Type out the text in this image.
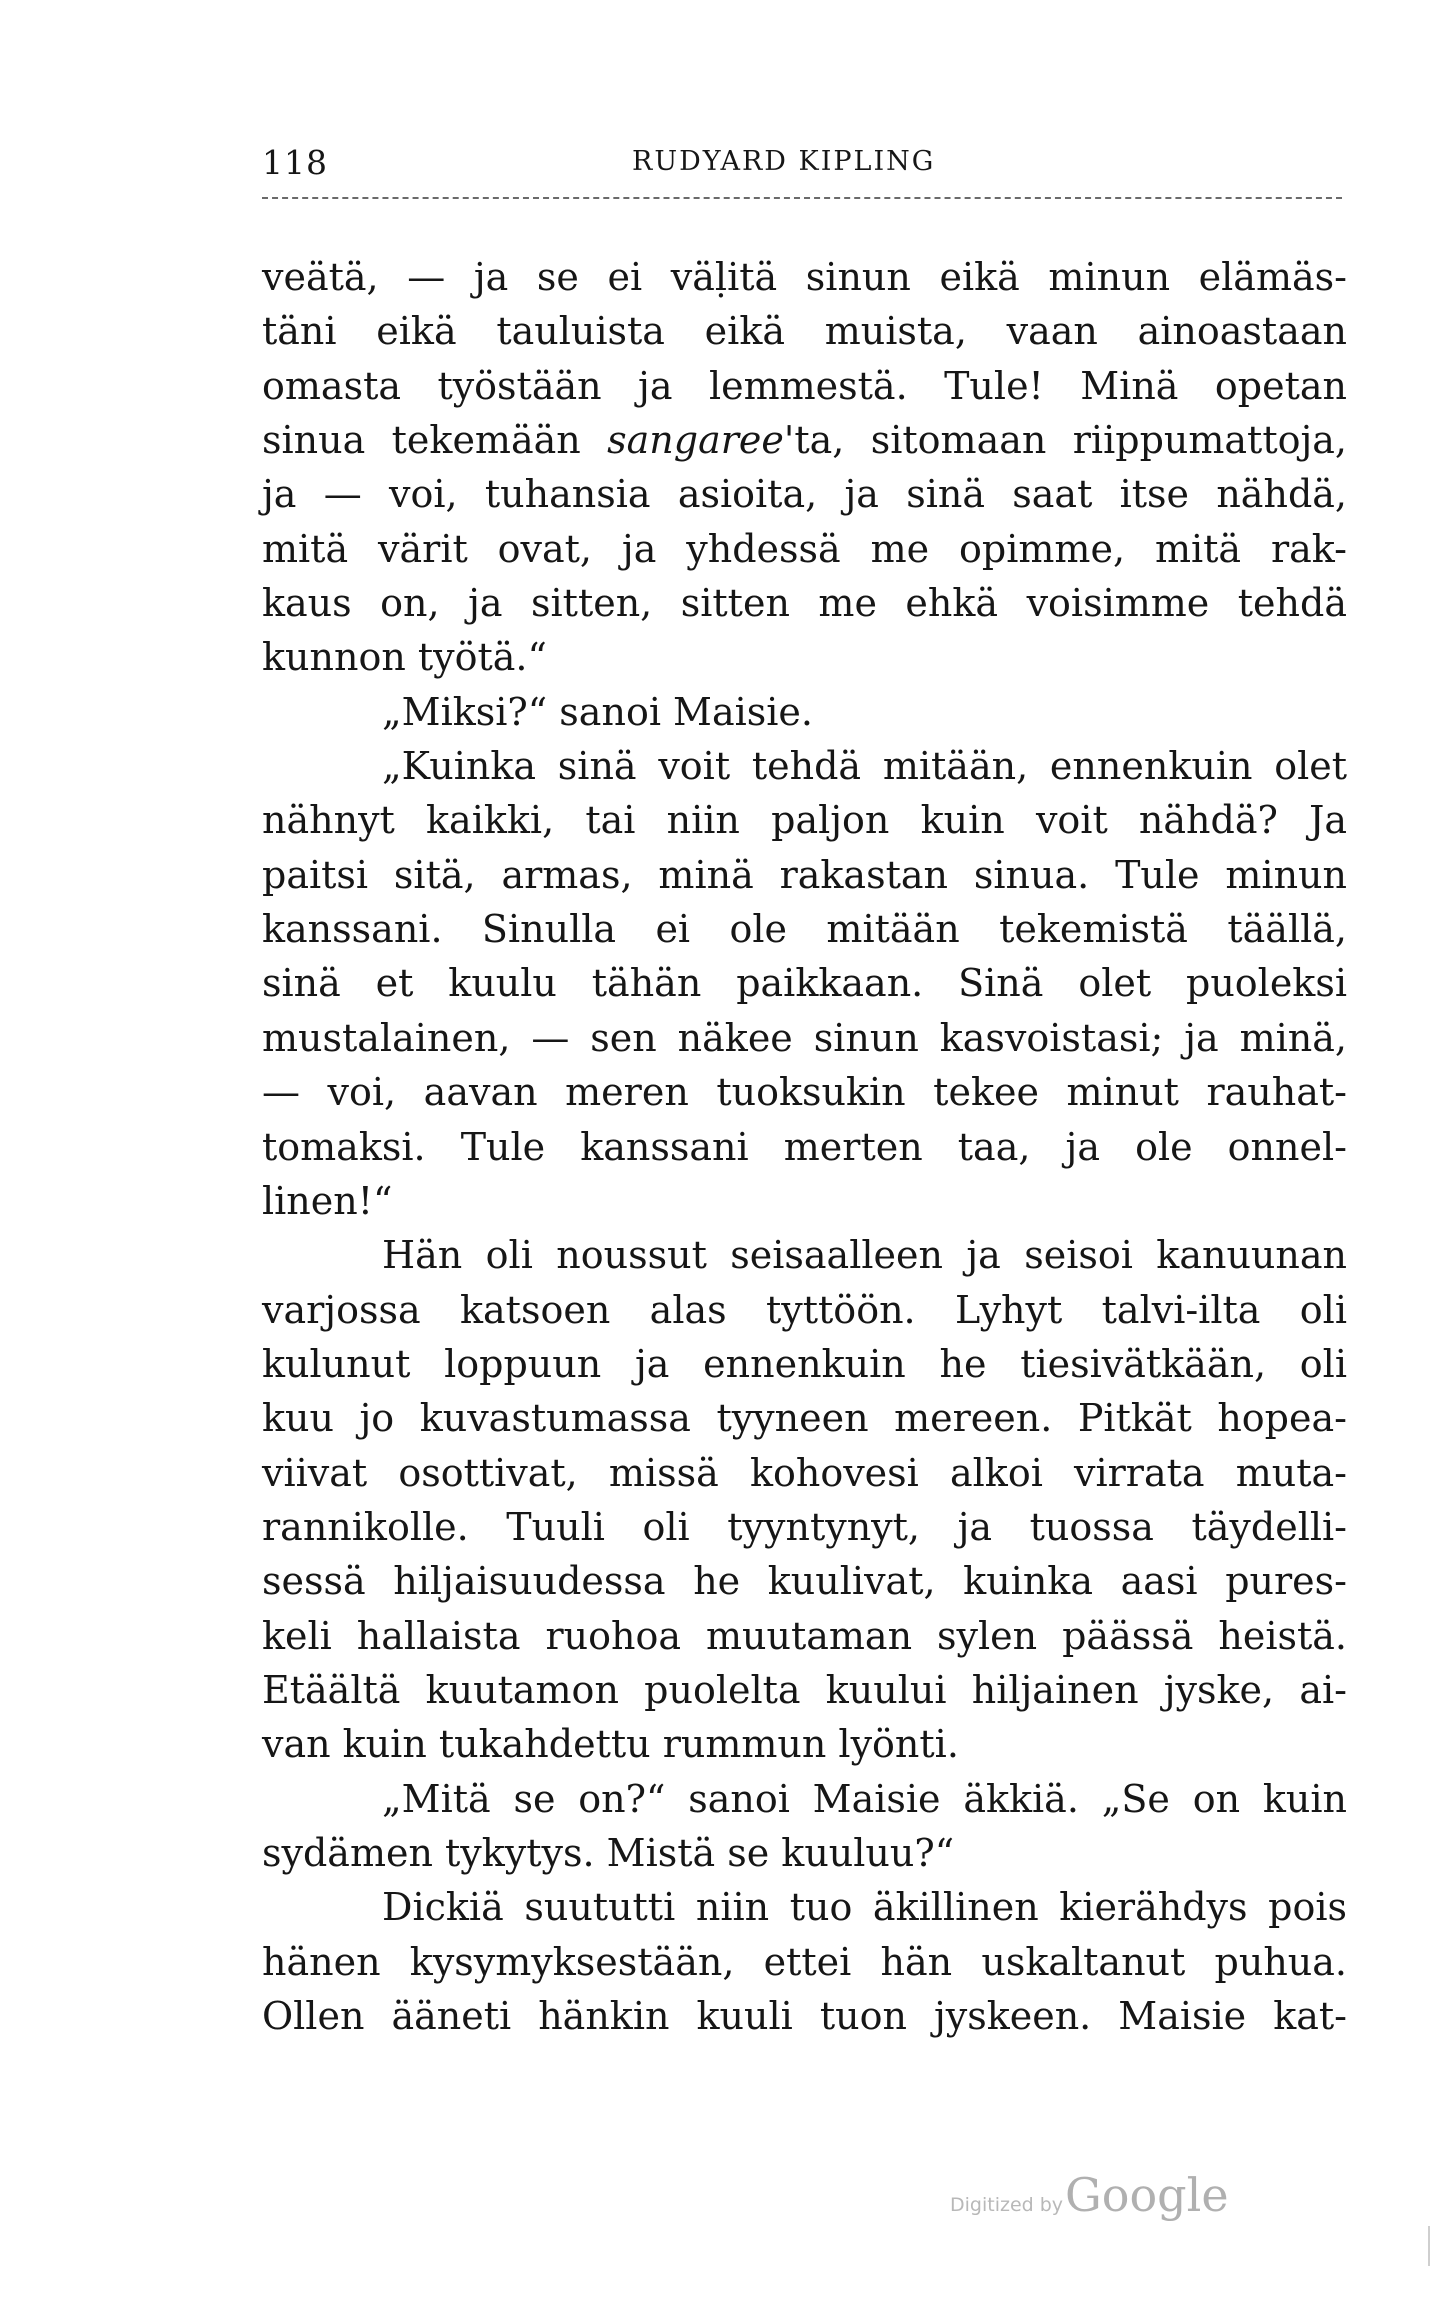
118	RUDYARD KIPLING
veätä, — ja se ei väḷitä sinun eikä minun elämäs-
täni eikä tauluista eikä muista, vaan ainoastaan
omasta työstään ja lemmestä. Tule! Minä opetan
sinua tekemään sangaree'ta, sitomaan riippumattoja,
ja — voi, tuhansia asioita, ja sinä saat itse nähdä,
mitä värit ovat, ja yhdessä me opimme, mitä rak-
kaus on, ja sitten, sitten me ehkä voisimme tehdä
kunnon työtä.“
„Miksi?“ sanoi Maisie.
„Kuinka sinä voit tehdä mitään, ennenkuin olet
nähnyt kaikki, tai niin paljon kuin voit nähdä? Ja
paitsi sitä, armas, minä rakastan sinua. Tule minun
kanssani. Sinulla ei ole mitään tekemistä täällä,
sinä et kuulu tähän paikkaan. Sinä olet puoleksi
mustalainen, — sen näkee sinun kasvoistasi; ja minä,
— voi, aavan meren tuoksukin tekee minut rauhat-
tomaksi. Tule kanssani merten taa, ja ole onnel-
linen!“
Hän oli noussut seisaalleen ja seisoi kanuunan
varjossa katsoen alas tyttöön. Lyhyt talvi-ilta oli
kulunut loppuun ja ennenkuin he tiesivätkään, oli
kuu jo kuvastumassa tyyneen mereen. Pitkät hopea-
viivat osottivat, missä kohovesi alkoi virrata muta-
rannikolle. Tuuli oli tyyntynyt, ja tuossa täydelli-
sessä hiljaisuudessa he kuulivat, kuinka aasi pures-
keli hallaista ruohoa muutaman sylen päässä heistä.
Etäältä kuutamon puolelta kuului hiljainen jyske, ai-
van kuin tukahdettu rummun lyönti.
„Mitä se on?“ sanoi Maisie äkkiä. „Se on kuin
sydämen tykytys. Mistä se kuuluu?“
Dickiä suututti niin tuo äkillinen kierähdys pois
hänen kysymyksestään, ettei hän uskaltanut puhua.
Ollen ääneti hänkin kuuli tuon jyskeen. Maisie kat-
Digitized byGoogle
